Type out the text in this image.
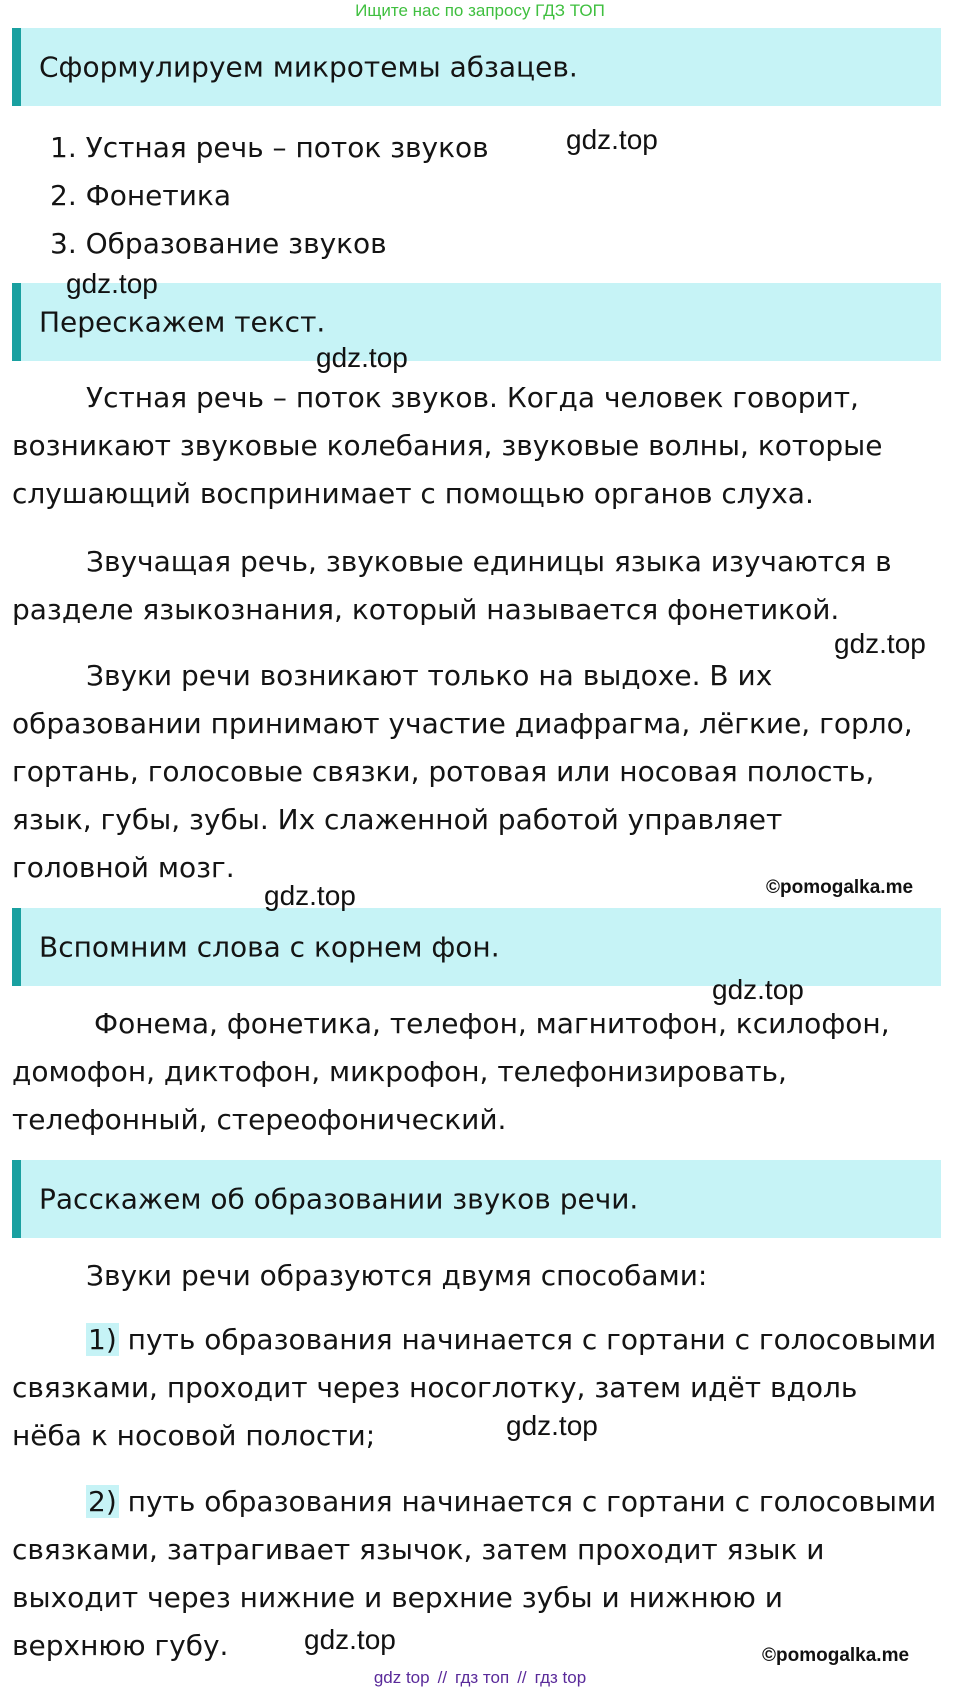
Ищите нас по запросу ГДЗ ТОП
Сформулируем микротемы абзацев.
1. Устная речь – поток звуков
2. Фонетика
3. Образование звуков
Перескажем текст.
Устная речь – поток звуков. Когда человек говорит,
возникают звуковые колебания, звуковые волны, которые
слушающий воспринимает с помощью органов слуха.
Звучащая речь, звуковые единицы языка изучаются в
разделе языкознания, который называется фонетикой.
Звуки речи возникают только на выдохе. В их
образовании принимают участие диафрагма, лёгкие, горло,
гортань, голосовые связки, ротовая или носовая полость,
язык, губы, зубы. Их слаженной работой управляет
головной мозг.
Вспомним слова с корнем фон.
Фонема, фонетика, телефон, магнитофон, ксилофон,
домофон, диктофон, микрофон, телефонизировать,
телефонный, стереофонический.
Расскажем об образовании звуков речи.
Звуки речи образуются двумя способами:
1) путь образования начинается с гортани с голосовыми
связками, проходит через носоглотку, затем идёт вдоль
нёба к носовой полости;
2) путь образования начинается с гортани с голосовыми
связками, затрагивает язычок, затем проходит язык и
выходит через нижние и верхние зубы и нижнюю и
верхнюю губу.
gdz.top
gdz.top
gdz.top
gdz.top
gdz.top
gdz.top
gdz.top
gdz.top
©pomogalka.me
©pomogalka.me
gdz top // гдз топ // гдз top
